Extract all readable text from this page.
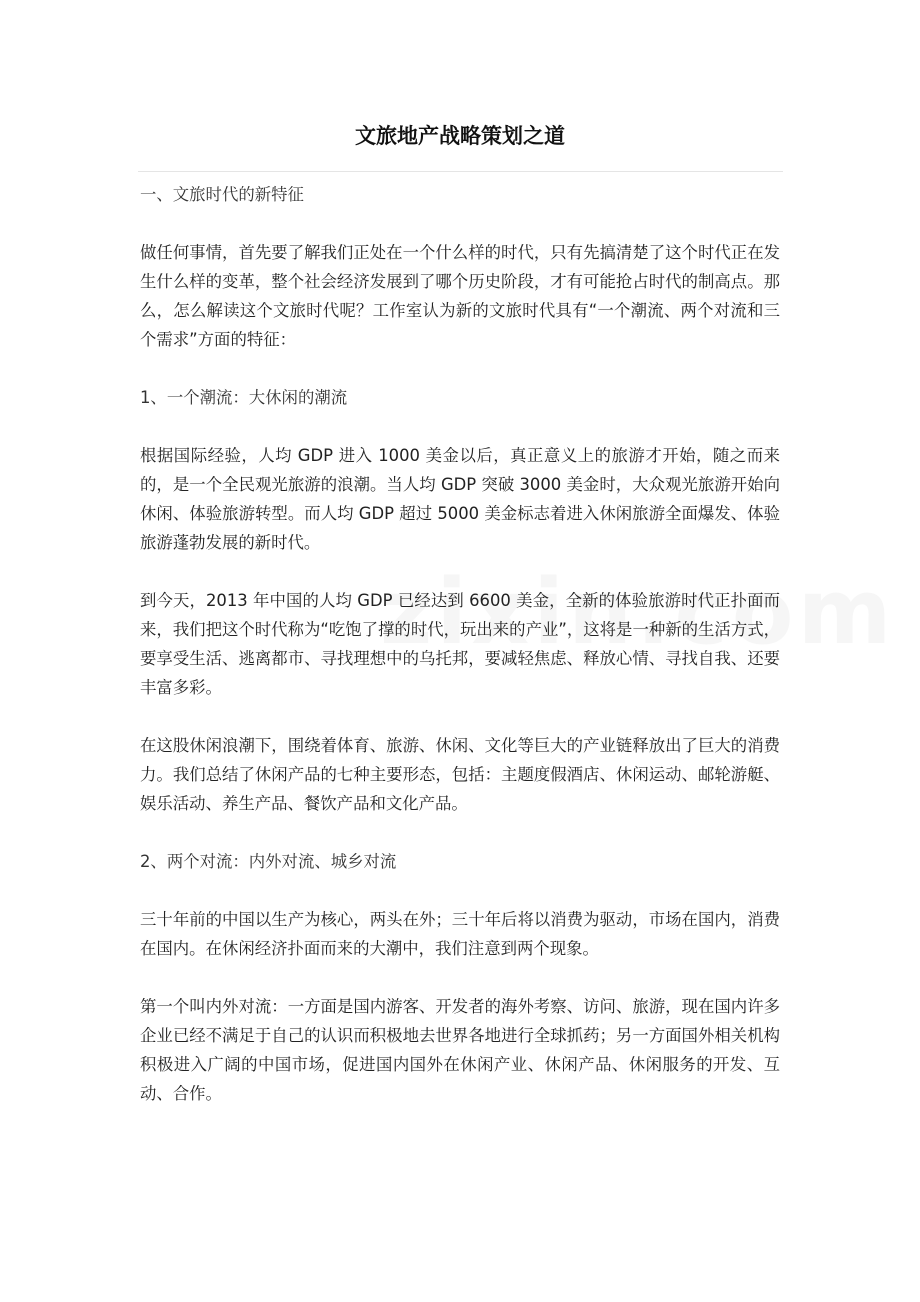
文旅地产战略策划之道

一、文旅时代的新特征

做任何事情，首先要了解我们正处在一个什么样的时代，只有先搞清楚了这个时代正在发生什么样的变革，整个社会经济发展到了哪个历史阶段，才有可能抢占时代的制高点。那么，怎么解读这个文旅时代呢？工作室认为新的文旅时代具有“一个潮流、两个对流和三个需求”方面的特征：

1、一个潮流：大休闲的潮流

根据国际经验，人均 GDP 进入 1000 美金以后，真正意义上的旅游才开始，随之而来的，是一个全民观光旅游的浪潮。当人均 GDP 突破 3000 美金时，大众观光旅游开始向休闲、体验旅游转型。而人均 GDP 超过 5000 美金标志着进入休闲旅游全面爆发、体验旅游蓬勃发展的新时代。

到今天，2013 年中国的人均 GDP 已经达到 6600 美金，全新的体验旅游时代正扑面而来，我们把这个时代称为“吃饱了撑的时代，玩出来的产业”，这将是一种新的生活方式，要享受生活、逃离都市、寻找理想中的乌托邦，要减轻焦虑、释放心情、寻找自我、还要丰富多彩。

在这股休闲浪潮下，围绕着体育、旅游、休闲、文化等巨大的产业链释放出了巨大的消费力。我们总结了休闲产品的七种主要形态，包括：主题度假酒店、休闲运动、邮轮游艇、娱乐活动、养生产品、餐饮产品和文化产品。

2、两个对流：内外对流、城乡对流

三十年前的中国以生产为核心，两头在外；三十年后将以消费为驱动，市场在国内，消费在国内。在休闲经济扑面而来的大潮中，我们注意到两个现象。

第一个叫内外对流：一方面是国内游客、开发者的海外考察、访问、旅游，现在国内许多企业已经不满足于自己的认识而积极地去世界各地进行全球抓药；另一方面国外相关机构积极进入广阔的中国市场，促进国内国外在休闲产业、休闲产品、休闲服务的开发、互动、合作。
